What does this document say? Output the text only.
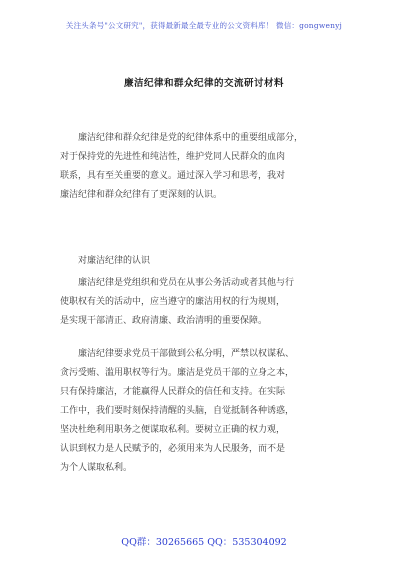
关注头条号"公文研究"，获得最新最全最专业的公文资料库！ 微信：gongwenyj
廉洁纪律和群众纪律的交流研讨材料
　　廉洁纪律和群众纪律是党的纪律体系中的重要组成部分，
对于保持党的先进性和纯洁性，维护党同人民群众的血肉
联系，具有至关重要的意义。通过深入学习和思考，我对
廉洁纪律和群众纪律有了更深刻的认识。
对廉洁纪律的认识
　　廉洁纪律是党组织和党员在从事公务活动或者其他与行
使职权有关的活动中，应当遵守的廉洁用权的行为规则，
是实现干部清正、政府清廉、政治清明的重要保障。
　　廉洁纪律要求党员干部做到公私分明，严禁以权谋私、
贪污受贿、滥用职权等行为。廉洁是党员干部的立身之本，
只有保持廉洁，才能赢得人民群众的信任和支持。在实际
工作中，我们要时刻保持清醒的头脑，自觉抵制各种诱惑，
坚决杜绝利用职务之便谋取私利。要树立正确的权力观，
认识到权力是人民赋予的，必须用来为人民服务，而不是
为个人谋取私利。
QQ群：30265665 QQ：535304092
